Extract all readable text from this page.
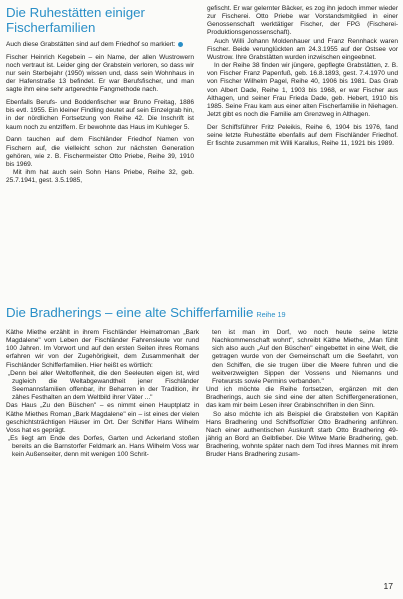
Die Ruhestätten einiger Fischerfamilien

Auch diese Grabstätten sind auf dem Friedhof so markiert:

Fischer Heinrich Kegebein – ein Name, der allen Wustrowern noch vertraut ist. Leider ging der Grabstein verloren, so dass wir nur sein Sterbejahr (1950) wissen und, dass sein Wohnhaus in der Hafenstraße 13 befindet. Er war Berufsfischer, und man sagte ihm eine sehr artgerechte Fangmethode nach.

Ebenfalls Berufs- und Boddenfischer war Bruno Freitag, 1886 bis evtl. 1955. Ein kleiner Findling deutet auf sein Einzelgrab hin, in der nördlichen Fortsetzung von Reihe 42. Die Inschrift ist kaum noch zu entziffern. Er bewohnte das Haus im Kuhleger 5.

Dann tauchen auf dem Fischländer Friedhof Namen von Fischern auf, die vielleicht schon zur nächsten Generation gehören, wie z. B. Fischermeister Otto Priebe, Reihe 39, 1910 bis 1969.

Mit ihm hat auch sein Sohn Hans Priebe, Reihe 32, geb. 25.7.1941, gest. 3.5.1985,

gefischt. Er war gelernter Bäcker, es zog ihn jedoch immer wieder zur Fischerei. Otto Priebe war Vorstandsmitglied in einer Genossenschaft werktätiger Fischer, der FPG (Fischerei-Produktionsgenossenschaft).

Auch Willi Johann Moldenhauer und Franz Rennhack waren Fischer. Beide verunglückten am 24.3.1955 auf der Ostsee vor Wustrow. Ihre Grabstätten wurden inzwischen eingeebnet.

In der Reihe 38 finden wir jüngere, gepflegte Grabstätten, z. B. von Fischer Franz Papenfuß, geb. 16.8.1893, gest. 7.4.1970 und von Fischer Wilhelm Pagel, Reihe 40, 1906 bis 1981. Das Grab von Albert Dade, Reihe 1, 1903 bis 1968, er war Fischer aus Althagen, und seiner Frau Frieda Dade, geb. Hebert, 1910 bis 1985. Seine Frau kam aus einer alten Fischerfamilie in Niehagen. Jetzt gibt es noch die Familie am Grenzweg in Althagen.

Der Schiffsführer Fritz Peleikis, Reihe 6, 1904 bis 1976, fand seine letzte Ruhestätte ebenfalls auf dem Fischländer Friedhof. Er fischte zusammen mit Willi Karallus, Reihe 11, 1921 bis 1989.

Die Bradherings – eine alte Schifferfamilie Reihe 19

Käthe Miethe erzählt in ihrem Fischländer Heimatroman „Bark Magdalene" vom Leben der Fischländer Fahrensleute vor rund 100 Jahren. Im Vorwort und auf den ersten Seiten ihres Romans erfahren wir von der Zugehörigkeit, dem Zusammenhalt der Fischländer Schifferfamilien. Hier heißt es wörtlich:

„Denn bei aller Weltoffenheit, die den Seeleuten eigen ist, wird zugleich die Weltabgewandtheit jener Fischländer Seemannsfamilien offenbar, ihr Beharren in der Tradition, ihr zähes Festhalten an dem Weltbild ihrer Väter ..."

Das Haus „Zu den Büschen" – es nimmt einen Hauptplatz in Käthe Miethes Roman „Bark Magdalene" ein – ist eines der vielen geschichtsträchtigen Häuser im Ort. Der Schiffer Hans Wilhelm Voss hat es geprägt.

„Es liegt am Ende des Dorfes, Garten und Ackerland stoßen bereits an die Barnstorfer Feldmark an. Hans Wilhelm Voss war kein Außenseiter, denn mit wenigen 100 Schrit-

ten ist man im Dorf, wo noch heute seine letzte Nachkommenschaft wohnt", schreibt Käthe Miethe, „Man fühlt sich also auch „Auf den Büschen" eingebettet in eine Welt, die getragen wurde von der Gemeinschaft um die Seefahrt, von den Schiffen, die sie trugen über die Meere fuhren und die weitverzweigten Sippen der Vossens und Niemanns und Fretwursts sowie Permins verbanden."

Und ich möchte die Reihe fortsetzen, ergänzen mit den Bradherings, auch sie sind eine der alten Schiffergenerationen, das kam mir beim Lesen ihrer Grabinschriften in den Sinn.

So also möchte ich als Beispiel die Grabstellen von Kapitän Hans Bradhering und Schiffsoffizier Otto Bradhering anführen. Nach einer authentischen Auskunft starb Otto Bradhering 49-jährig an Bord an Gelbfieber. Die Witwe Marie Bradhering, geb. Bradhering, wohnte später nach dem Tod ihres Mannes mit ihrem Bruder Hans Bradhering zusam-

17
